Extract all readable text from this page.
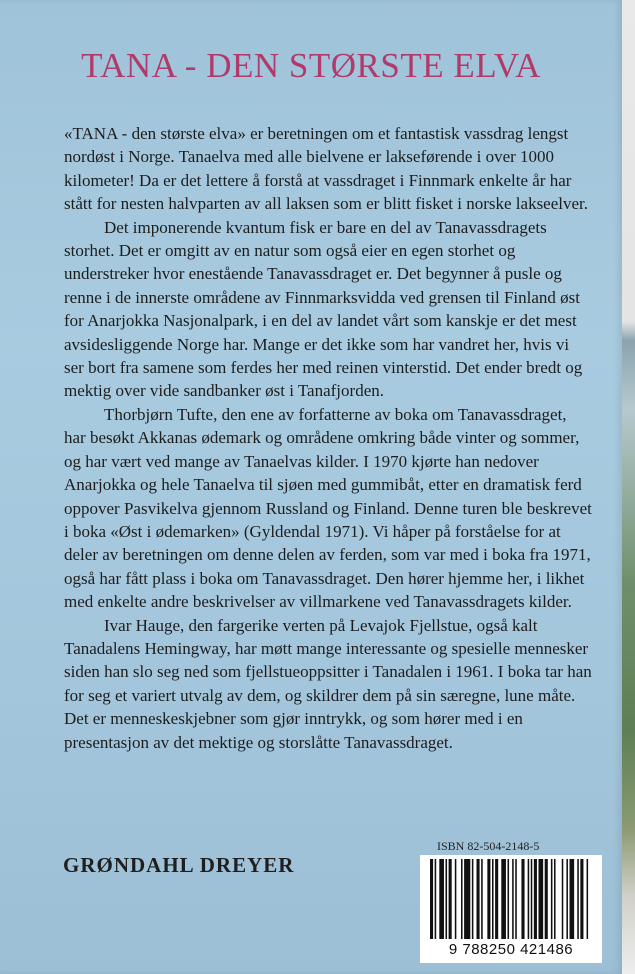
TANA - DEN STØRSTE ELVA

«TANA - den største elva» er beretningen om et fantastisk vassdrag lengst nordøst i Norge. Tanaelva med alle bielvene er lakseførende i over 1000 kilometer! Da er det lettere å forstå at vassdraget i Finnmark enkelte år har stått for nesten halvparten av all laksen som er blitt fisket i norske lakseelver.

Det imponerende kvantum fisk er bare en del av Tanavassdragets storhet. Det er omgitt av en natur som også eier en egen storhet og understreker hvor enestående Tanavassdraget er. Det begynner å pusle og renne i de innerste områdene av Finnmarksvidda ved grensen til Finland øst for Anarjokka Nasjonalpark, i en del av landet vårt som kanskje er det mest avsidesliggende Norge har. Mange er det ikke som har vandret her, hvis vi ser bort fra samene som ferdes her med reinen vinterstid. Det ender bredt og mektig over vide sandbanker øst i Tanafjorden.

Thorbjørn Tufte, den ene av forfatterne av boka om Tanavassdraget, har besøkt Akkanas ødemark og områdene omkring både vinter og sommer, og har vært ved mange av Tanaelvas kilder. I 1970 kjørte han nedover Anarjokka og hele Tanaelva til sjøen med gummibåt, etter en dramatisk ferd oppover Pasvikelva gjennom Russland og Finland. Denne turen ble beskrevet i boka «Øst i ødemarken» (Gyldendal 1971). Vi håper på forståelse for at deler av beretningen om denne delen av ferden, som var med i boka fra 1971, også har fått plass i boka om Tanavassdraget. Den hører hjemme her, i likhet med enkelte andre beskrivelser av villmarkene ved Tanavassdragets kilder.

Ivar Hauge, den fargerike verten på Levajok Fjellstue, også kalt Tanadalens Hemingway, har møtt mange interessante og spesielle mennesker siden han slo seg ned som fjellstueoppsitter i Tanadalen i 1961. I boka tar han for seg et variert utvalg av dem, og skildrer dem på sin særegne, lune måte. Det er menneskeskjebner som gjør inntrykk, og som hører med i en presentasjon av det mektige og storslåtte Tanavassdraget.

GRØNDAHL DREYER
ISBN 82-504-2148-5
9 788250 421486
